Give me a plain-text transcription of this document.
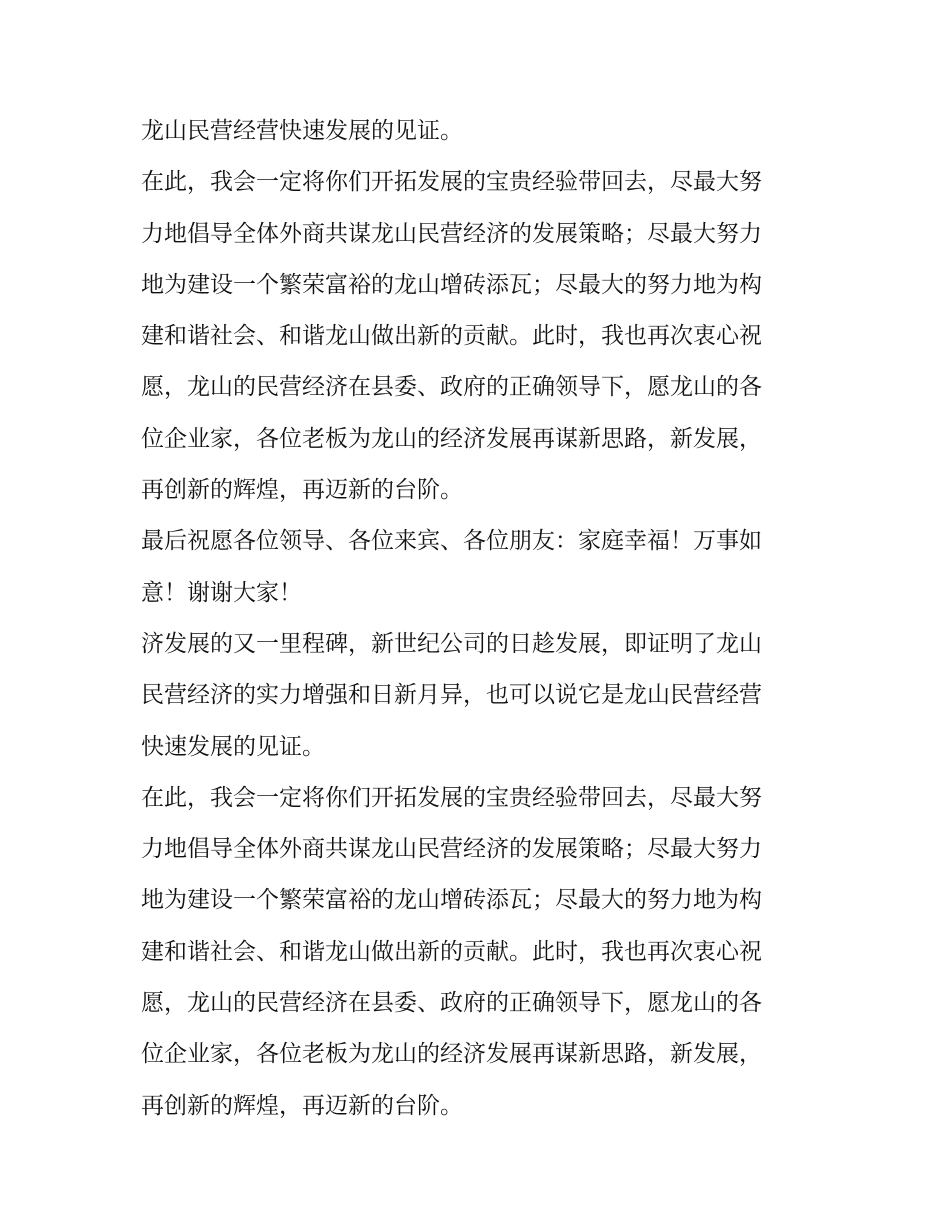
龙山民营经营快速发展的见证。

在此，我会一定将你们开拓发展的宝贵经验带回去，尽最大努

力地倡导全体外商共谋龙山民营经济的发展策略；尽最大努力

地为建设一个繁荣富裕的龙山增砖添瓦；尽最大的努力地为构

建和谐社会、和谐龙山做出新的贡献。此时，我也再次衷心祝

愿，龙山的民营经济在县委、政府的正确领导下，愿龙山的各

位企业家，各位老板为龙山的经济发展再谋新思路，新发展，

再创新的辉煌，再迈新的台阶。

最后祝愿各位领导、各位来宾、各位朋友：家庭幸福！万事如

意！谢谢大家！

济发展的又一里程碑，新世纪公司的日趁发展，即证明了龙山

民营经济的实力增强和日新月异，也可以说它是龙山民营经营

快速发展的见证。

在此，我会一定将你们开拓发展的宝贵经验带回去，尽最大努

力地倡导全体外商共谋龙山民营经济的发展策略；尽最大努力

地为建设一个繁荣富裕的龙山增砖添瓦；尽最大的努力地为构

建和谐社会、和谐龙山做出新的贡献。此时，我也再次衷心祝

愿，龙山的民营经济在县委、政府的正确领导下，愿龙山的各

位企业家，各位老板为龙山的经济发展再谋新思路，新发展，

再创新的辉煌，再迈新的台阶。
